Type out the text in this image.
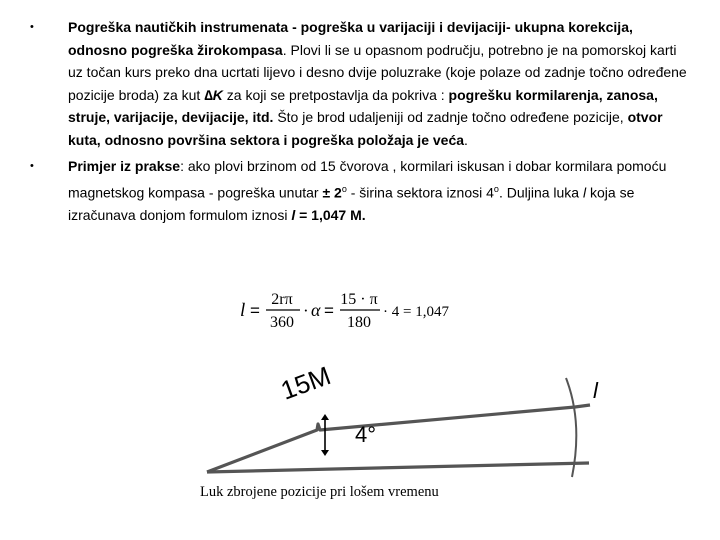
• Pogreška nautičkih instrumenata - pogreška u varijaciji i devijaciji- ukupna korekcija, odnosno pogreška žirokompasa. Plovi li se u opasnom području, potrebno je na pomorskoj karti uz točan kurs preko dna ucrtati lijevo i desno dvije poluzrake (koje polaze od zadnje točno određene pozicije broda) za kut ∆K za koji se pretpostavlja da pokriva : pogrešku kormilarenja, zanosa, struje, varijacije, devijacije, itd. Što je brod udaljeniji od zadnje točno određene pozicije, otvor kuta, odnosno površina sektora i pogreška položaja je veća.
• Primjer iz prakse: ako plovi brzinom od 15 čvorova , kormilari iskusan i dobar kormilara pomoću magnetskog kompasa - pogreška unutar ± $2^o$ - širina sektora iznosi 4$^o$. Duljina luka l koja se izračunava donjom formulom iznosi l = 1,047 M.
l =
2rπ
360
· α =
15 · π
180
· 4 = 1,047
15M
4°
l
Luk zbrojene pozicije pri lošem vremenu
